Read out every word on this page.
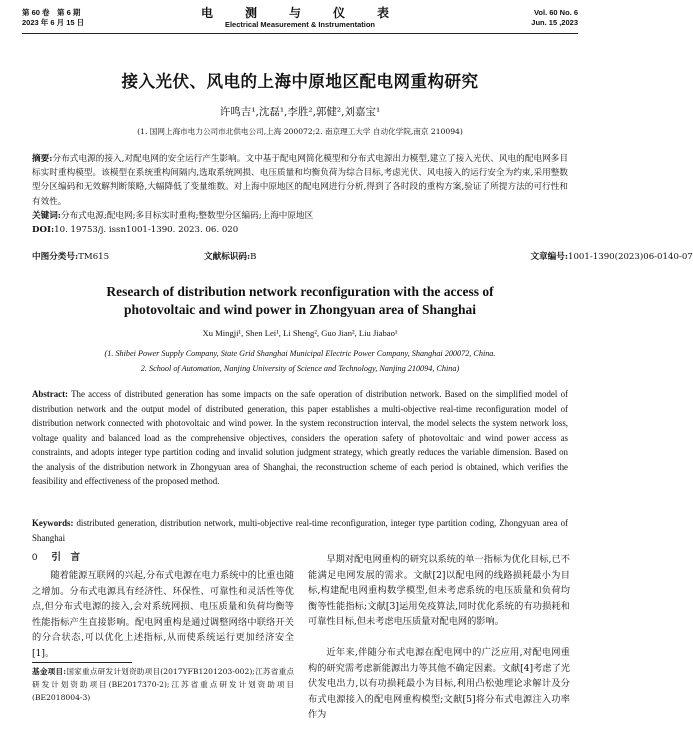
第 60 卷　第 6 期
2023 年 6 月 15 日
电　测　与　仪　表
Electrical Measurement & Instrumentation
Vol. 60 No. 6
Jun. 15 ,2023
接入光伏、风电的上海中原地区配电网重构研究
许鸣吉¹,沈磊¹,李胜²,郭健²,刘嘉宝¹
(1. 国网上海市电力公司市北供电公司,上海 200072;2. 南京理工大学 自动化学院,南京 210094)
摘要:分布式电源的接入,对配电网的安全运行产生影响。文中基于配电网简化模型和分布式电源出力模型,建立了接入光伏、风电的配电网多目标实时重构模型。该模型在系统重构间隔内,选取系统网损、电压质量和均衡负荷为综合目标,考虑光伏、风电接入的运行安全为约束,采用整数型分区编码和无效解判断策略,大幅降低了变量维数。对上海中原地区的配电网进行分析,得到了各时段的重构方案,验证了所提方法的可行性和有效性。
关键词:分布式电源;配电网;多目标实时重构;整数型分区编码;上海中原地区
DOI:10. 19753/j. issn1001-1390. 2023. 06. 020
中图分类号: TM615	文献标识码: B	文章编号: 1001-1390(2023)06-0140-07
Research of distribution network reconfiguration with the access of
photovoltaic and wind power in Zhongyuan area of Shanghai
Xu Mingji¹, Shen Lei¹, Li Sheng², Guo Jian², Liu Jiabao¹
(1. Shibei Power Supply Company, State Grid Shanghai Municipal Electric Power Company, Shanghai 200072, China.
2. School of Automation, Nanjing University of Science and Technology, Nanjing 210094, China)
Abstract: The access of distributed generation has some impacts on the safe operation of distribution network. Based on the simplified model of distribution network and the output model of distributed generation, this paper establishes a multi-objective real-time reconfiguration model of distribution network connected with photovoltaic and wind power. In the system reconstruction interval, the model selects the system network loss, voltage quality and balanced load as the comprehensive objectives, considers the operation safety of photovoltaic and wind power access as constraints, and adopts integer type partition coding and invalid solution judgment strategy, which greatly reduces the variable dimension. Based on the analysis of the distribution network in Zhongyuan area of Shanghai, the reconstruction scheme of each period is obtained, which verifies the feasibility and effectiveness of the proposed method.
Keywords: distributed generation, distribution network, multi-objective real-time reconfiguration, integer type partition coding, Zhongyuan area of Shanghai
0 引　言
随着能源互联网的兴起,分布式电源在电力系统中的比重也随之增加。分布式电源具有经济性、环保性、可靠性和灵活性等优点,但分布式电源的接入,会对系统网损、电压质量和负荷均衡等性能指标产生直接影响。配电网重构是通过调整网络中联络开关的分合状态,可以优化上述指标,从而使系统运行更加经济安全[1]。
基金项目:国家重点研发计划资助项目(2017YFB1201203-002);江苏省重点研发计划资助项目(BE2017370-2);江苏省重点研发计划资助项目(BE2018004-3)
早期对配电网重构的研究以系统的单一指标为优化目标,已不能满足电网发展的需求。文献[2]以配电网的线路损耗最小为目标,构建配电网重构数学模型,但未考虑系统的电压质量和负荷均衡等性能指标;文献[3]运用免疫算法,同时优化系统的有功损耗和可靠性目标,但未考虑电压质量对配电网的影响。
近年来,伴随分布式电源在配电网中的广泛应用,对配电网重构的研究需考虑新能源出力等其他不确定因素。文献[4]考虑了光伏发电出力,以有功损耗最小为目标,利用凸松弛理论求解计及分布式电源接入的配电网重构模型;文献[5]将分布式电源注入功率作为
